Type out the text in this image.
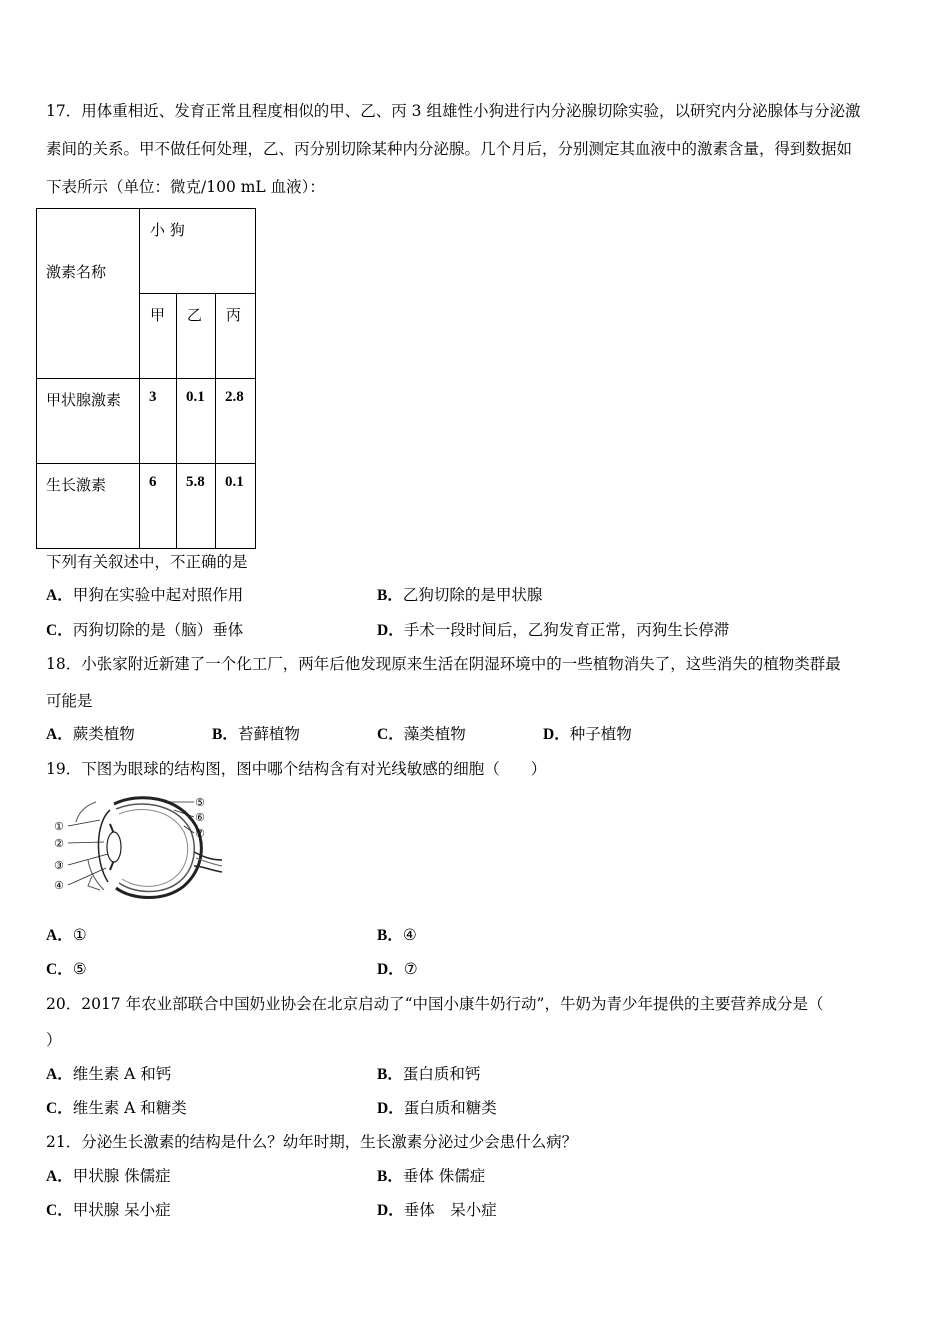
17．用体重相近、发育正常且程度相似的甲、乙、丙 3 组雄性小狗进行内分泌腺切除实验，以研究内分泌腺体与分泌激
素间的关系。甲不做任何处理，乙、丙分别切除某种内分泌腺。几个月后，分别测定其血液中的激素含量，得到数据如
下表所示（单位：微克/100 mL 血液）：
激素名称	小 狗		

	甲	乙	丙

甲状腺激素	3	0.1	2.8

生长激素	6	5.8	0.1
下列有关叙述中，不正确的是
A．甲狗在实验中起对照作用	B．乙狗切除的是甲状腺
C．丙狗切除的是（脑）垂体	D．手术一段时间后，乙狗发育正常，丙狗生长停滞
18．小张家附近新建了一个化工厂，两年后他发现原来生活在阴湿环境中的一些植物消失了，这些消失的植物类群最
可能是
A．蕨类植物	B．苔藓植物	C．藻类植物	D．种子植物
19．下图为眼球的结构图，图中哪个结构含有对光线敏感的细胞（　　）
①
②
③
④
⑤
⑥
⑦
A．①	B．④
C．⑤	D．⑦
20．2017 年农业部联合中国奶业协会在北京启动了“中国小康牛奶行动”，牛奶为青少年提供的主要营养成分是（
）
A．维生素 A 和钙	B．蛋白质和钙
C．维生素 A 和糖类	D．蛋白质和糖类
21．分泌生长激素的结构是什么？幼年时期，生长激素分泌过少会患什么病？
A．甲状腺 侏儒症	B．垂体 侏儒症
C．甲状腺 呆小症	D．垂体　呆小症
